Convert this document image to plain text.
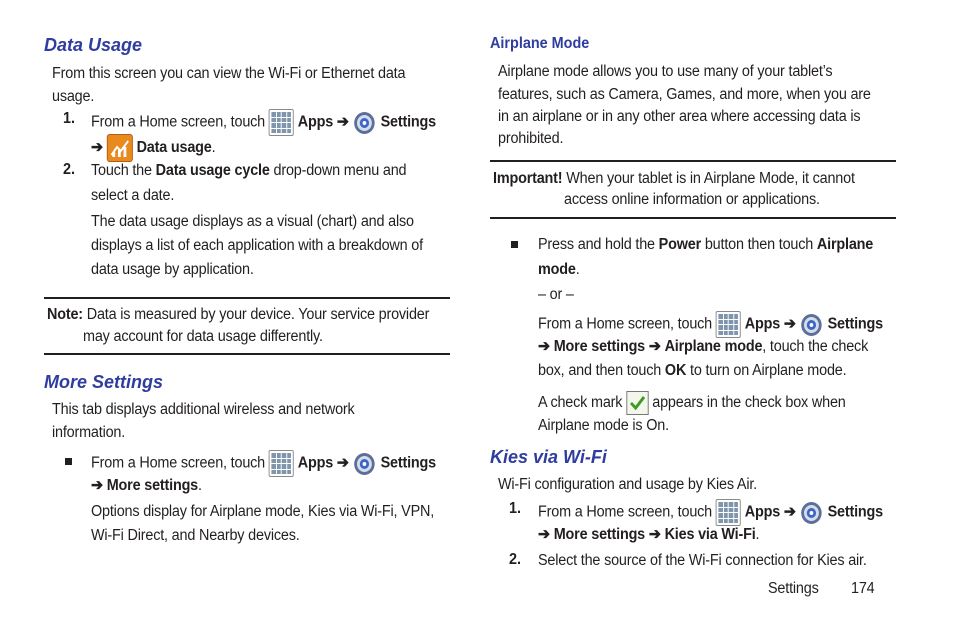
Data Usage
From this screen you can view the Wi-Fi or Ethernet data
usage.
1. From a Home screen, touch Apps ➔ Settings
➔ Data usage.
2. Touch the Data usage cycle drop-down menu and
select a date.
The data usage displays as a visual (chart) and also
displays a list of each application with a breakdown of
data usage by application.
Note: Data is measured by your device. Your service provider
may account for data usage differently.
More Settings
This tab displays additional wireless and network
information.
From a Home screen, touch Apps ➔ Settings
➔ More settings.
Options display for Airplane mode, Kies via Wi-Fi, VPN,
Wi-Fi Direct, and Nearby devices.
Airplane Mode
Airplane mode allows you to use many of your tablet’s
features, such as Camera, Games, and more, when you are
in an airplane or in any other area where accessing data is
prohibited.
Important! When your tablet is in Airplane Mode, it cannot
access online information or applications.
Press and hold the Power button then touch Airplane
mode.
– or –
From a Home screen, touch Apps ➔ Settings
➔ More settings ➔ Airplane mode, touch the check
box, and then touch OK to turn on Airplane mode.
A check mark appears in the check box when
Airplane mode is On.
Kies via Wi-Fi
Wi-Fi configuration and usage by Kies Air.
1. From a Home screen, touch Apps ➔ Settings
➔ More settings ➔ Kies via Wi-Fi.
2. Select the source of the Wi-Fi connection for Kies air.
Settings 174
